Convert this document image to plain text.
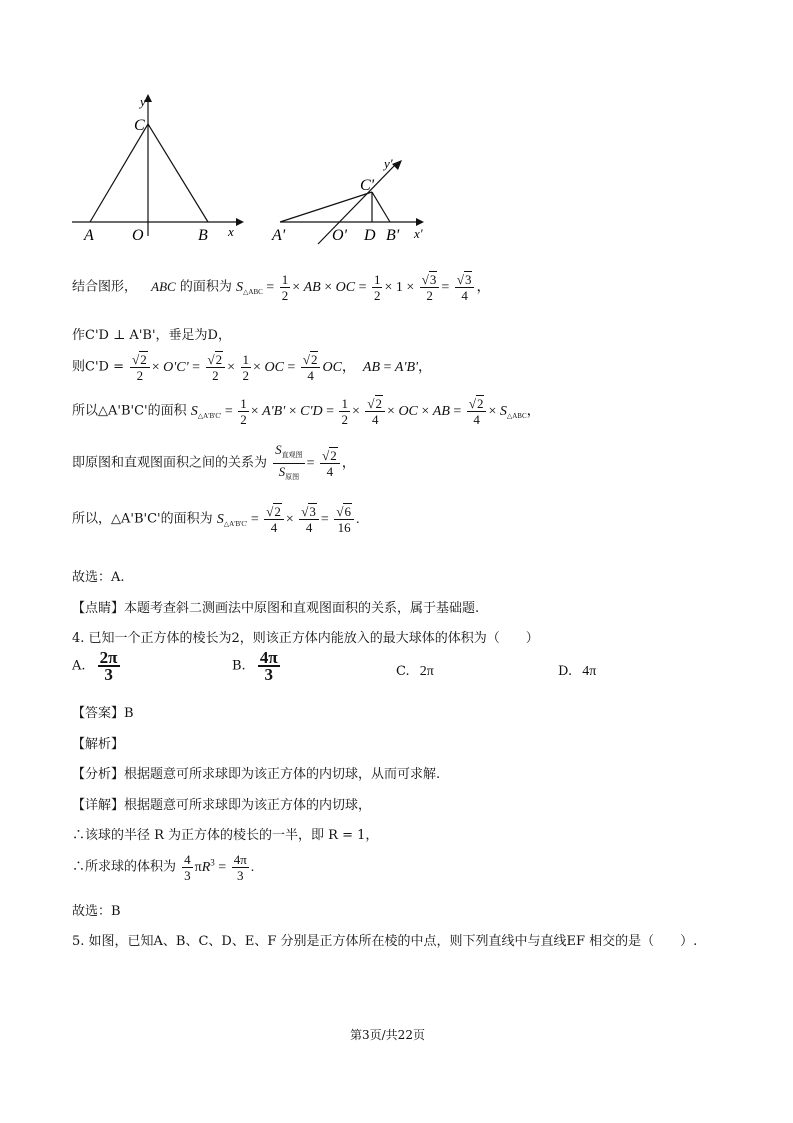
y
C
A O	B x
y'
C'
A'	O' D B' x'
结合图形， ABC 的面积为 $S_{\triangle ABC} = \frac{1}{2}$ × AB × OC = $\frac{1}{2} \times 1 \times \frac{√3}{2} = \frac{√3}{4}$ ，
作C'D ⊥ A'B'，垂足为D，
则$C'D = \frac{√2}{2} \times O'C' = \frac{√2}{2} \times \frac{1}{2}$ × OC = $\frac{√2}{4}$ OC，  AB = A'B'，
所以△A'B'C'的面积 $S_{\triangle A'B'C'} = \frac{1}{2} \times A'B' \times C'D = \frac{1}{2} \times \frac{√2}{4}$ × OC × AB = $\frac{√2}{4} \times S_{\triangle ABC}$，
即原图和直观图面积之间的关系为 $\frac{S_{直观图}}{S_{原图}} = \frac{√2}{4}$ ，
所以，△A'B'C'的面积为 $S_{\triangle A'B'C'} = \frac{√2}{4} \times \frac{√3}{4} = \frac{√6}{16}$ .
故选：A.
【点睛】本题考查斜二测画法中原图和直观图面积的关系，属于基础题.
4. 已知一个正方体的棱长为2，则该正方体内能放入的最大球体的体积为（　　）
A. $\frac{2\pi}{3}$	B. $\frac{4\pi}{3}$	C. 2π	D. 4π
【答案】B
【解析】
【分析】根据题意可所求球即为该正方体的内切球，从而可求解.
【详解】根据题意可所求球即为该正方体的内切球，
∴该球的半径 R 为正方体的棱长的一半，即 R = 1，
∴所求球的体积为 $\frac{4}{3} \pi R^3 = \frac{4\pi}{3}$ .
故选：B
5. 如图，已知A、B、C、D、E、F 分别是正方体所在棱的中点，则下列直线中与直线EF 相交的是（　　）.
第3页/共22页
